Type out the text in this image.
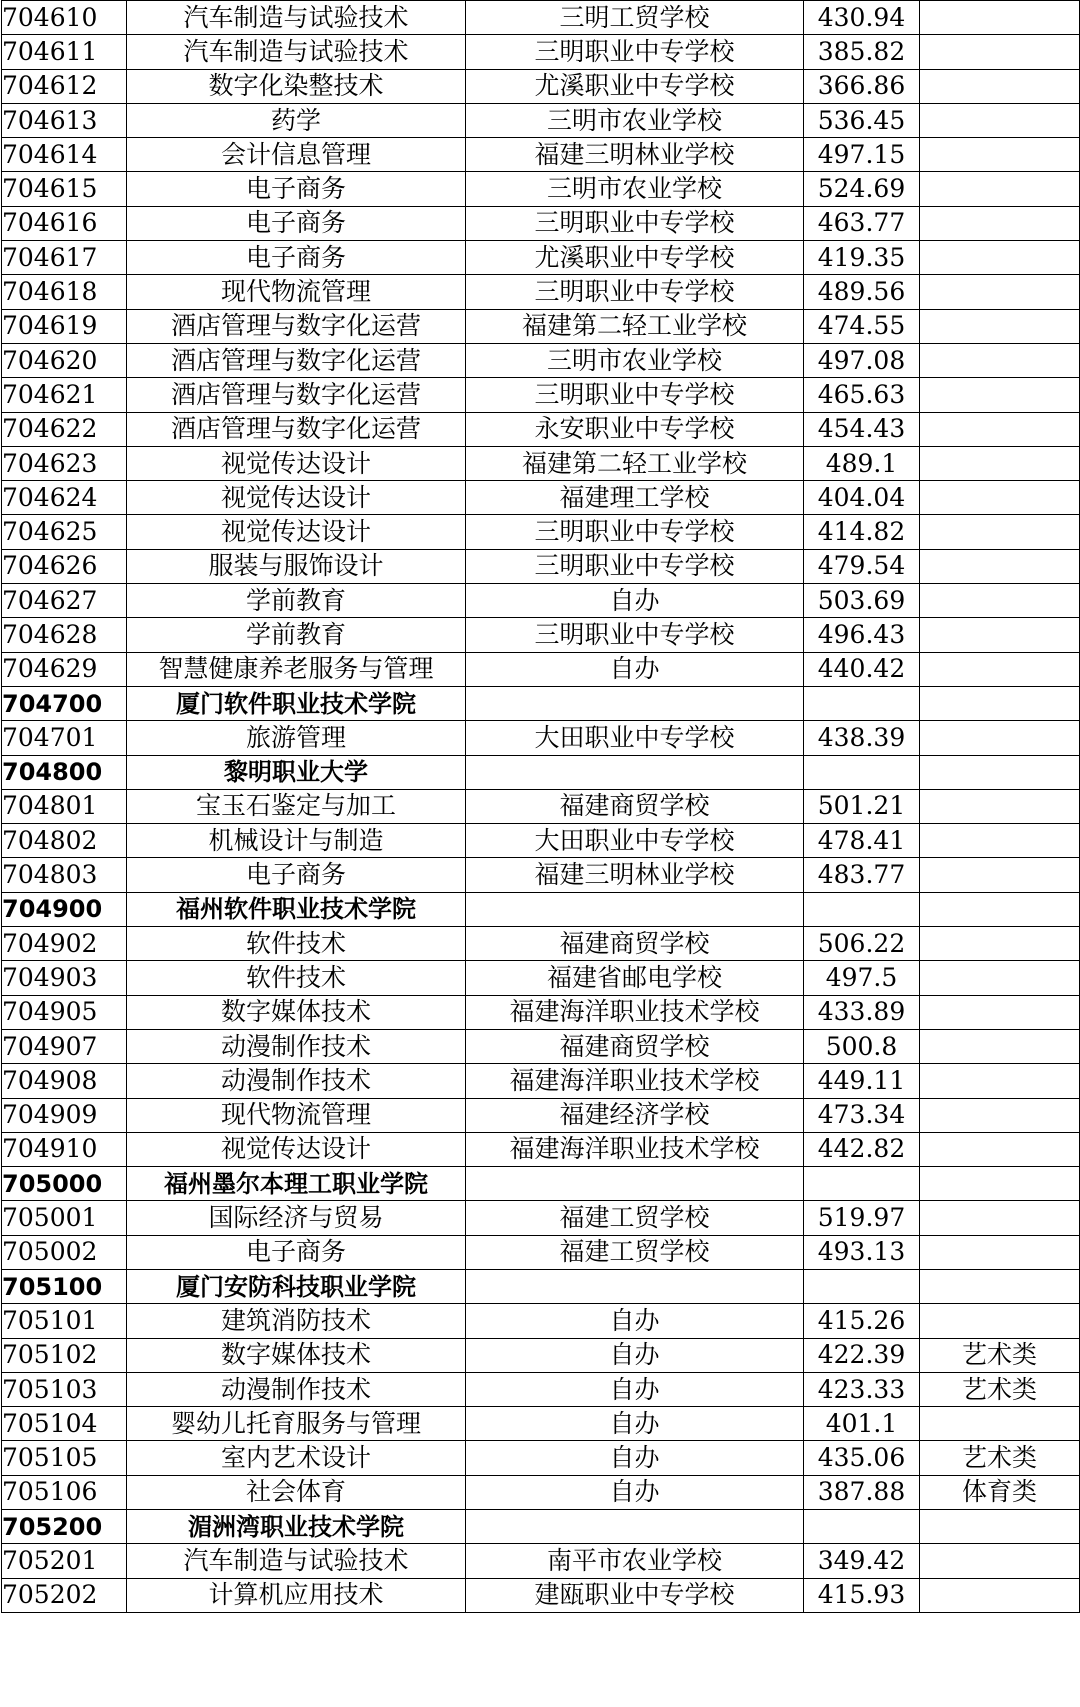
704610	汽车制造与试验技术	三明工贸学校	430.94	
704611	汽车制造与试验技术	三明职业中专学校	385.82	
704612	数字化染整技术	尤溪职业中专学校	366.86	
704613	药学	三明市农业学校	536.45	
704614	会计信息管理	福建三明林业学校	497.15	
704615	电子商务	三明市农业学校	524.69	
704616	电子商务	三明职业中专学校	463.77	
704617	电子商务	尤溪职业中专学校	419.35	
704618	现代物流管理	三明职业中专学校	489.56	
704619	酒店管理与数字化运营	福建第二轻工业学校	474.55	
704620	酒店管理与数字化运营	三明市农业学校	497.08	
704621	酒店管理与数字化运营	三明职业中专学校	465.63	
704622	酒店管理与数字化运营	永安职业中专学校	454.43	
704623	视觉传达设计	福建第二轻工业学校	489.1	
704624	视觉传达设计	福建理工学校	404.04	
704625	视觉传达设计	三明职业中专学校	414.82	
704626	服装与服饰设计	三明职业中专学校	479.54	
704627	学前教育	自办	503.69	
704628	学前教育	三明职业中专学校	496.43	
704629	智慧健康养老服务与管理	自办	440.42	
704700	厦门软件职业技术学院			
704701	旅游管理	大田职业中专学校	438.39	
704800	黎明职业大学			
704801	宝玉石鉴定与加工	福建商贸学校	501.21	
704802	机械设计与制造	大田职业中专学校	478.41	
704803	电子商务	福建三明林业学校	483.77	
704900	福州软件职业技术学院			
704902	软件技术	福建商贸学校	506.22	
704903	软件技术	福建省邮电学校	497.5	
704905	数字媒体技术	福建海洋职业技术学校	433.89	
704907	动漫制作技术	福建商贸学校	500.8	
704908	动漫制作技术	福建海洋职业技术学校	449.11	
704909	现代物流管理	福建经济学校	473.34	
704910	视觉传达设计	福建海洋职业技术学校	442.82	
705000	福州墨尔本理工职业学院			
705001	国际经济与贸易	福建工贸学校	519.97	
705002	电子商务	福建工贸学校	493.13	
705100	厦门安防科技职业学院			
705101	建筑消防技术	自办	415.26	
705102	数字媒体技术	自办	422.39	艺术类
705103	动漫制作技术	自办	423.33	艺术类
705104	婴幼儿托育服务与管理	自办	401.1	
705105	室内艺术设计	自办	435.06	艺术类
705106	社会体育	自办	387.88	体育类
705200	湄洲湾职业技术学院			
705201	汽车制造与试验技术	南平市农业学校	349.42	
705202	计算机应用技术	建瓯职业中专学校	415.93	
